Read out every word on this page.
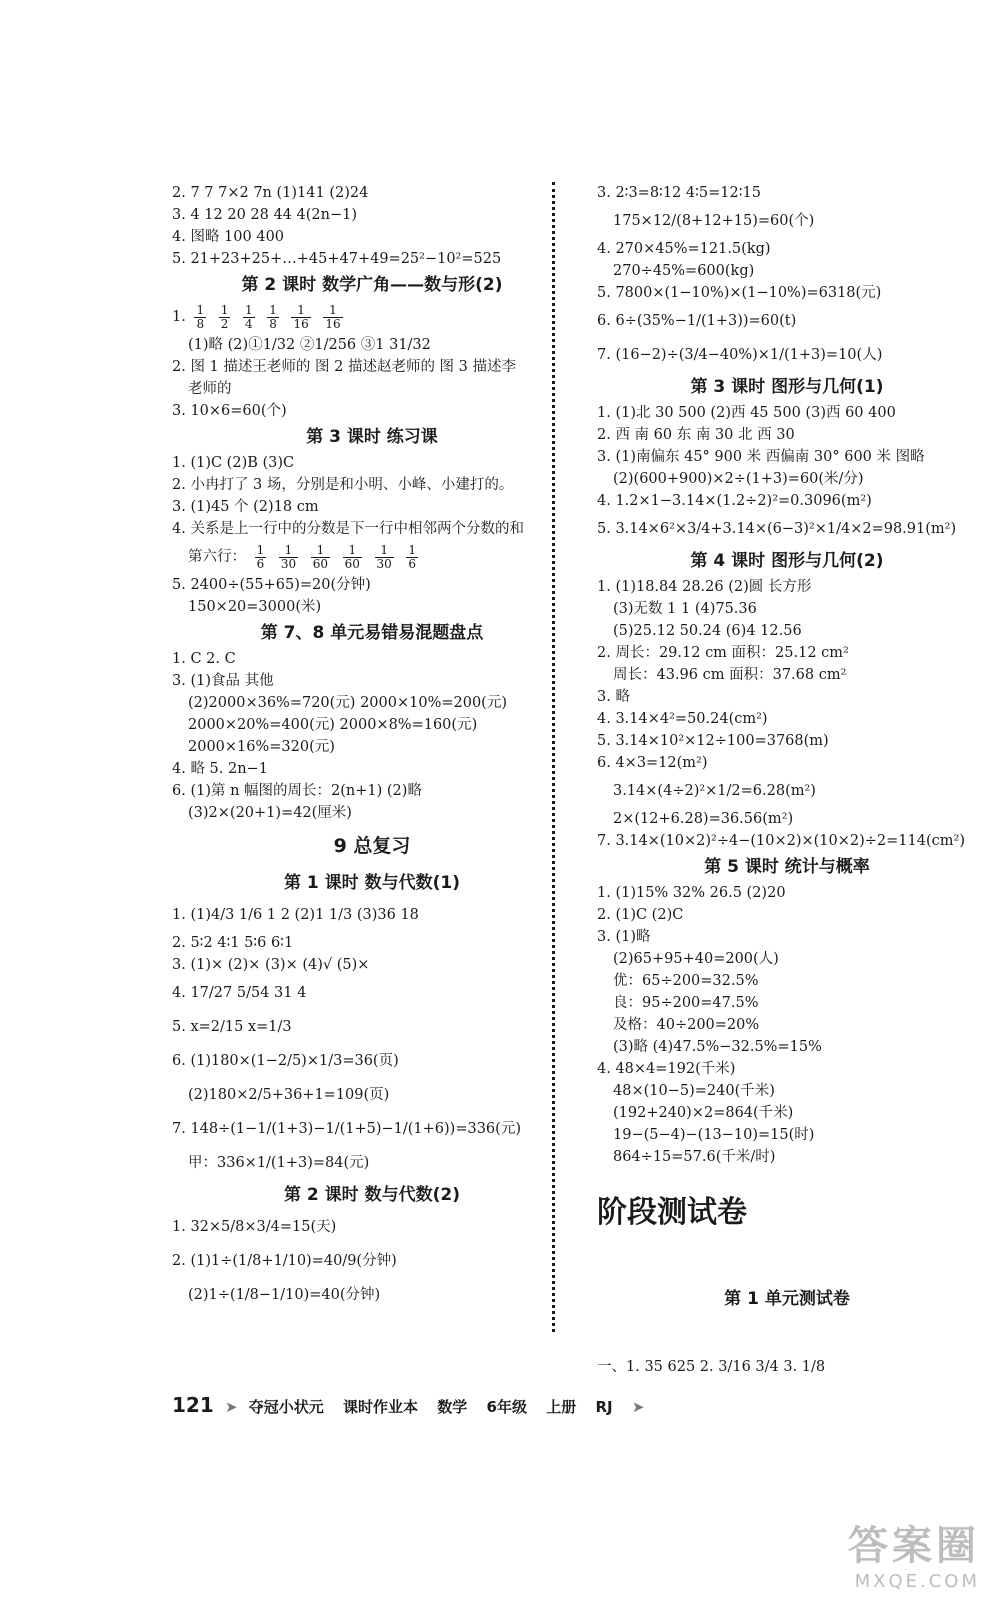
2. 7 7 7×2 7n (1)141 (2)24
3. 4 12 20 28 44 4(2n−1)
4. 图略 100 400
5. 21+23+25+…+45+47+49=25²−10²=525
第 2 课时 数学广角——数与形(2)
1. $\frac{1}{8}$
$\frac{1}{2}$
$\frac{1}{4}$
$\frac{1}{8}$
$\frac{1}{16}$
$\frac{1}{16}$
(1)略 (2)①1/32 ②1/256 ③1 31/32
2. 图 1 描述王老师的 图 2 描述赵老师的 图 3 描述李
老师的
3. 10×6=60(个)
第 3 课时 练习课
1. (1)C (2)B (3)C
2. 小冉打了 3 场，分别是和小明、小峰、小建打的。
3. (1)45 个 (2)18 cm
4. 关系是上一行中的分数是下一行中相邻两个分数的和
第六行： $\frac{1}{6}$
$\frac{1}{30}$
$\frac{1}{60}$
$\frac{1}{60}$
$\frac{1}{30}$
$\frac{1}{6}$
5. 2400÷(55+65)=20(分钟)
150×20=3000(米)
第 7、8 单元易错易混题盘点
1. C 2. C
3. (1)食品 其他
(2)2000×36%=720(元) 2000×10%=200(元)
2000×20%=400(元) 2000×8%=160(元)
2000×16%=320(元)
4. 略 5. 2n−1
6. (1)第 n 幅图的周长：2(n+1) (2)略
(3)2×(20+1)=42(厘米)
9 总复习
第 1 课时 数与代数(1)
1. (1)4/3 1/6 1 2 (2)1 1/3 (3)36 18
2. 5∶2 4∶1 5∶6 6∶1
3. (1)× (2)× (3)× (4)√ (5)×
4. 17/27 5/54 31 4
5. x=2/15 x=1/3
6. (1)180×(1−2/5)×1/3=36(页)
(2)180×2/5+36+1=109(页)
7. 148÷(1−1/(1+3)−1/(1+5)−1/(1+6))=336(元)
甲：336×1/(1+3)=84(元)
第 2 课时 数与代数(2)
1. 32×5/8×3/4=15(天)
2. (1)1÷(1/8+1/10)=40/9(分钟)
(2)1÷(1/8−1/10)=40(分钟)
3. 2∶3=8∶12 4∶5=12∶15
175×12/(8+12+15)=60(个)
4. 270×45%=121.5(kg)
270÷45%=600(kg)
5. 7800×(1−10%)×(1−10%)=6318(元)
6. 6÷(35%−1/(1+3))=60(t)
7. (16−2)÷(3/4−40%)×1/(1+3)=10(人)
第 3 课时 图形与几何(1)
1. (1)北 30 500 (2)西 45 500 (3)西 60 400
2. 西 南 60 东 南 30 北 西 30
3. (1)南偏东 45° 900 米 西偏南 30° 600 米 图略
(2)(600+900)×2÷(1+3)=60(米/分)
4. 1.2×1−3.14×(1.2÷2)²=0.3096(m²)
5. 3.14×6²×3/4+3.14×(6−3)²×1/4×2=98.91(m²)
第 4 课时 图形与几何(2)
1. (1)18.84 28.26 (2)圆 长方形
(3)无数 1 1 (4)75.36
(5)25.12 50.24 (6)4 12.56
2. 周长：29.12 cm 面积：25.12 cm²
周长：43.96 cm 面积：37.68 cm²
3. 略
4. 3.14×4²=50.24(cm²)
5. 3.14×10²×12÷100=3768(m)
6. 4×3=12(m²)
3.14×(4÷2)²×1/2=6.28(m²)
2×(12+6.28)=36.56(m²)
7. 3.14×(10×2)²÷4−(10×2)×(10×2)÷2=114(cm²)
第 5 课时 统计与概率
1. (1)15% 32% 26.5 (2)20
2. (1)C (2)C
3. (1)略
(2)65+95+40=200(人)
优：65÷200=32.5%
良：95÷200=47.5%
及格：40÷200=20%
(3)略 (4)47.5%−32.5%=15%
4. 48×4=192(千米)
48×(10−5)=240(千米)
(192+240)×2=864(千米)
19−(5−4)−(13−10)=15(时)
864÷15=57.6(千米/时)
阶段测试卷
第 1 单元测试卷
一、1. 35 625 2. 3/16 3/4 3. 1/8
121 ➤ 夺冠小状元 课时作业本 数学 6年级 上册 RJ ➤
答案圈
MXQE.COM
